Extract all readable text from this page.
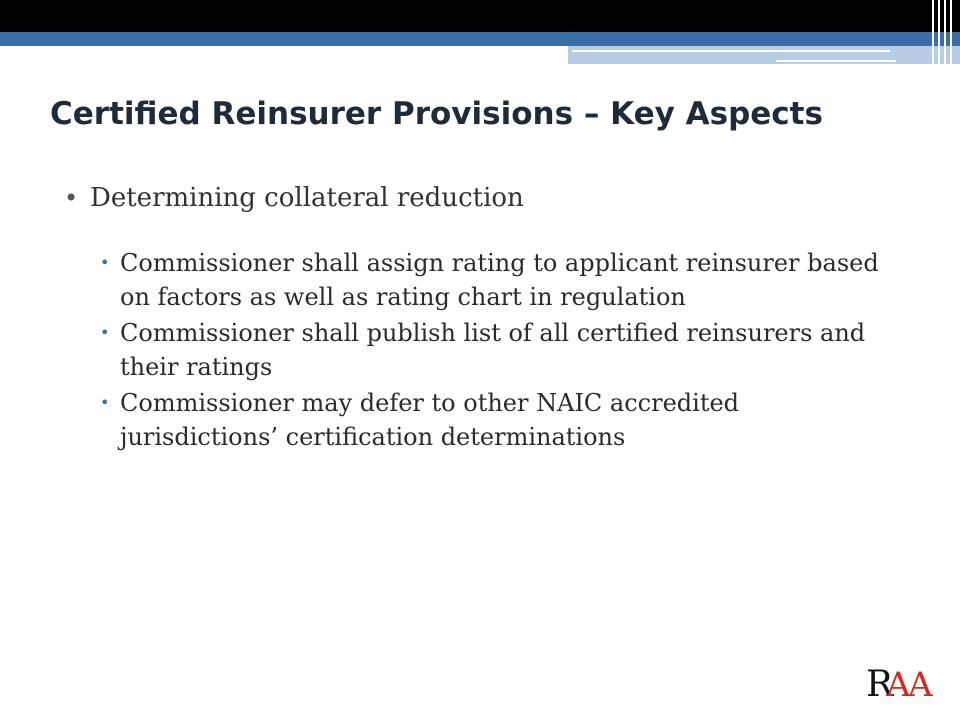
Certified Reinsurer Provisions – Key Aspects
• Determining collateral reduction
• Commissioner shall assign rating to applicant reinsurer based on factors as well as rating chart in regulation
• Commissioner shall publish list of all certified reinsurers and their ratings
• Commissioner may defer to other NAIC accredited jurisdictions’ certification determinations
R
A
A
